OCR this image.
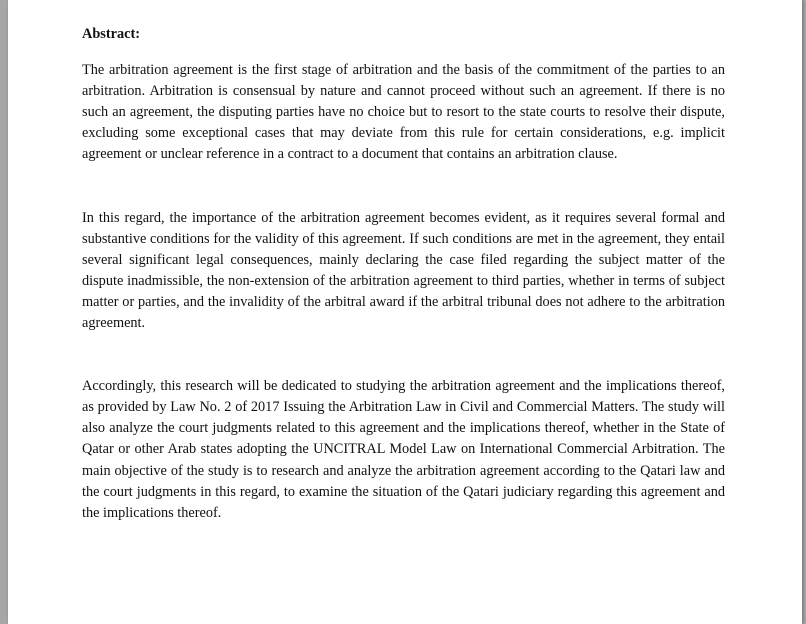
Abstract:

The arbitration agreement is the first stage of arbitration and the basis of the commitment of the parties to an arbitration. Arbitration is consensual by nature and cannot proceed without such an agreement. If there is no such an agreement, the disputing parties have no choice but to resort to the state courts to resolve their dispute, excluding some exceptional cases that may deviate from this rule for certain considerations, e.g. implicit agreement or unclear reference in a contract to a document that contains an arbitration clause.

In this regard, the importance of the arbitration agreement becomes evident, as it requires several formal and substantive conditions for the validity of this agreement. If such conditions are met in the agreement, they entail several significant legal consequences, mainly declaring the case filed regarding the subject matter of the dispute inadmissible, the non-extension of the arbitration agreement to third parties, whether in terms of subject matter or parties, and the invalidity of the arbitral award if the arbitral tribunal does not adhere to the arbitration agreement.

Accordingly, this research will be dedicated to studying the arbitration agreement and the implications thereof, as provided by Law No. 2 of 2017 Issuing the Arbitration Law in Civil and Commercial Matters. The study will also analyze the court judgments related to this agreement and the implications thereof, whether in the State of Qatar or other Arab states adopting the UNCITRAL Model Law on International Commercial Arbitration. The main objective of the study is to research and analyze the arbitration agreement according to the Qatari law and the court judgments in this regard, to examine the situation of the Qatari judiciary regarding this agreement and the implications thereof.
